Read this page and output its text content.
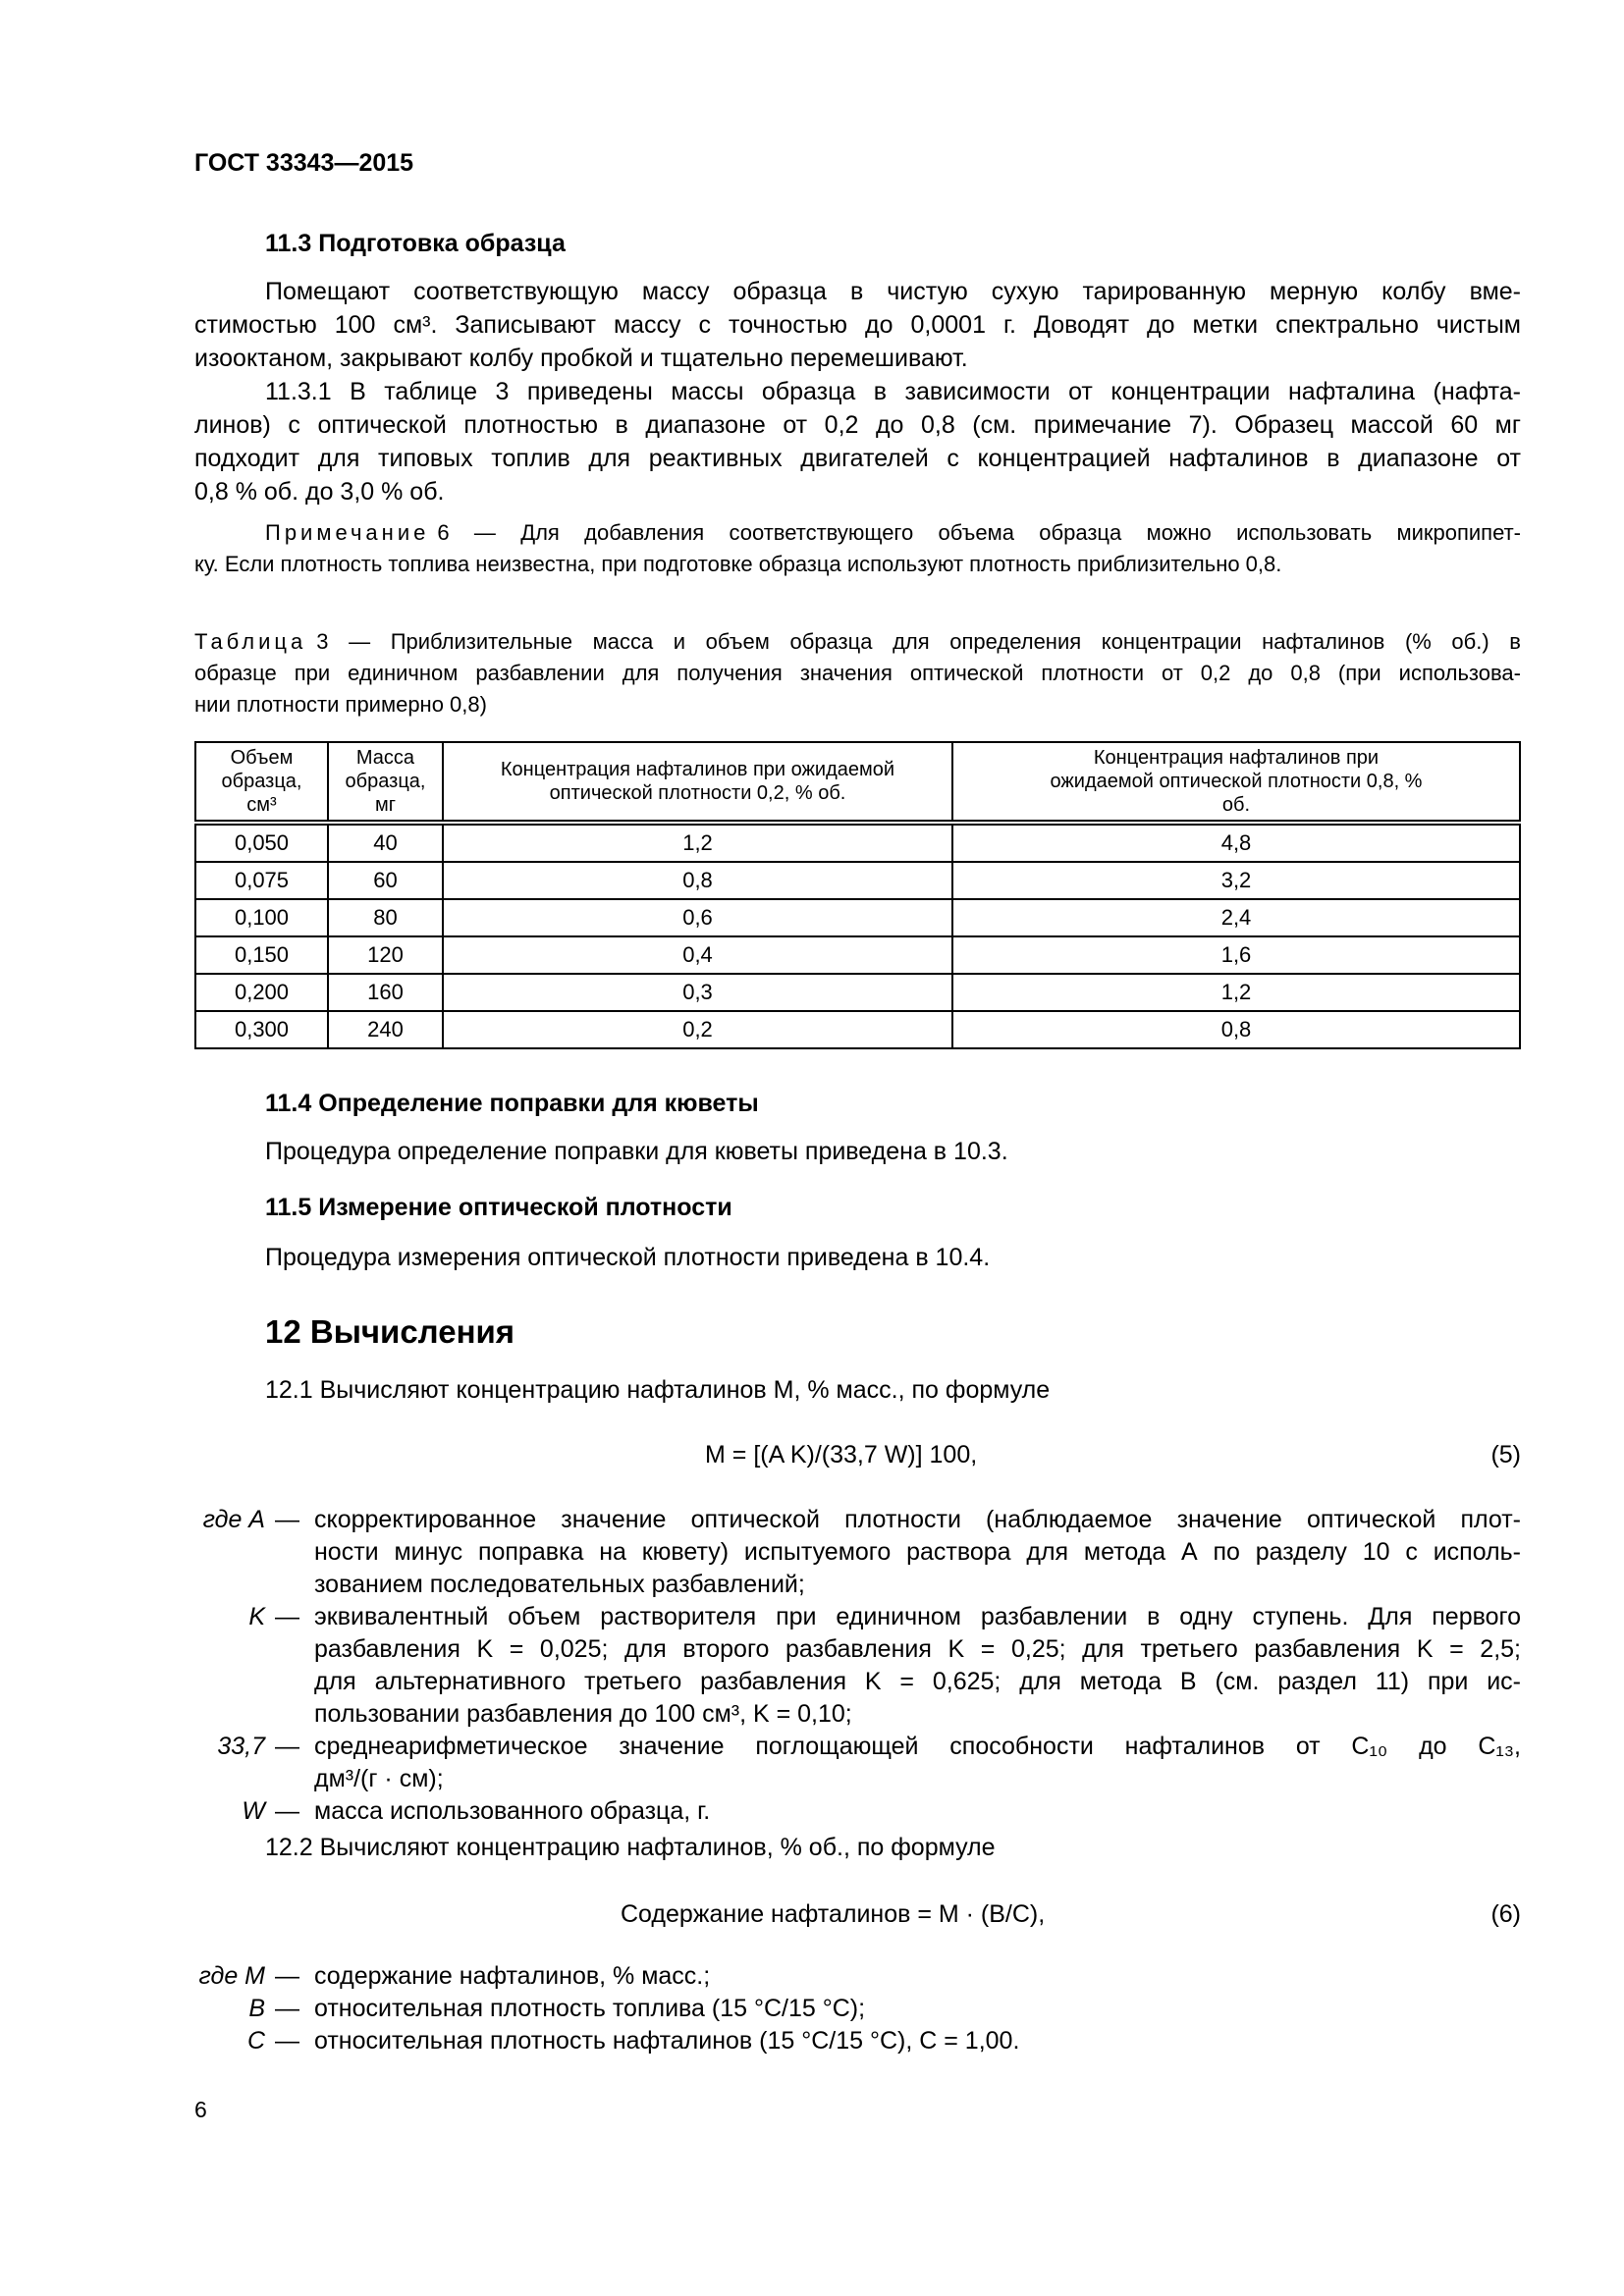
ГОСТ 33343—2015
11.3 Подготовка образца
Помещают соответствующую массу образца в чистую сухую тарированную мерную колбу вме-
стимостью 100 см³. Записывают массу с точностью до 0,0001 г. Доводят до метки спектрально чистым
изооктаном, закрывают колбу пробкой и тщательно перемешивают.
11.3.1 В таблице 3 приведены массы образца в зависимости от концентрации нафталина (нафта-
линов) с оптической плотностью в диапазоне от 0,2 до 0,8 (см. примечание 7). Образец массой 60 мг
подходит для типовых топлив для реактивных двигателей с концентрацией нафталинов в диапазоне от
0,8 % об. до 3,0 % об.
Примечание 6 — Для добавления соответствующего объема образца можно использовать микропипет-
ку. Если плотность топлива неизвестна, при подготовке образца используют плотность приблизительно 0,8.
Таблица 3 — Приблизительные масса и объем образца для определения концентрации нафталинов (% об.) в
образце при единичном разбавлении для получения значения оптической плотности от 0,2 до 0,8 (при использова-
нии плотности примерно 0,8)
Объем образца, см³	Масса образца, мг	Концентрация нафталинов при ожидаемой оптической плотности 0,2, % об.	Концентрация нафталинов при ожидаемой оптической плотности 0,8, % об.
0,050	40	1,2	4,8
0,075	60	0,8	3,2
0,100	80	0,6	2,4
0,150	120	0,4	1,6
0,200	160	0,3	1,2
0,300	240	0,2	0,8
11.4 Определение поправки для кюветы
Процедура определение поправки для кюветы приведена в 10.3.
11.5 Измерение оптической плотности
Процедура измерения оптической плотности приведена в 10.4.
12 Вычисления
12.1 Вычисляют концентрацию нафталинов M, % масс., по формуле
M = [(A K)/(33,7 W)] 100,	(5)
где A — скорректированное значение оптической плотности (наблюдаемое значение оптической плот-
ности минус поправка на кювету) испытуемого раствора для метода А по разделу 10 с исполь-
зованием последовательных разбавлений;
K — эквивалентный объем растворителя при единичном разбавлении в одну ступень. Для первого
разбавления K = 0,025; для второго разбавления K = 0,25; для третьего разбавления K = 2,5;
для альтернативного третьего разбавления K = 0,625; для метода В (см. раздел 11) при ис-
пользовании разбавления до 100 см³, K = 0,10;
33,7 — среднеарифметическое значение поглощающей способности нафталинов от C₁₀ до C₁₃,
дм³/(г · см);
W — масса использованного образца, г.
12.2 Вычисляют концентрацию нафталинов, % об., по формуле
Содержание нафталинов = M · (B/C),	(6)
где M — содержание нафталинов, % масс.;
B — относительная плотность топлива (15 °C/15 °C);
C — относительная плотность нафталинов (15 °C/15 °C), C = 1,00.
6
